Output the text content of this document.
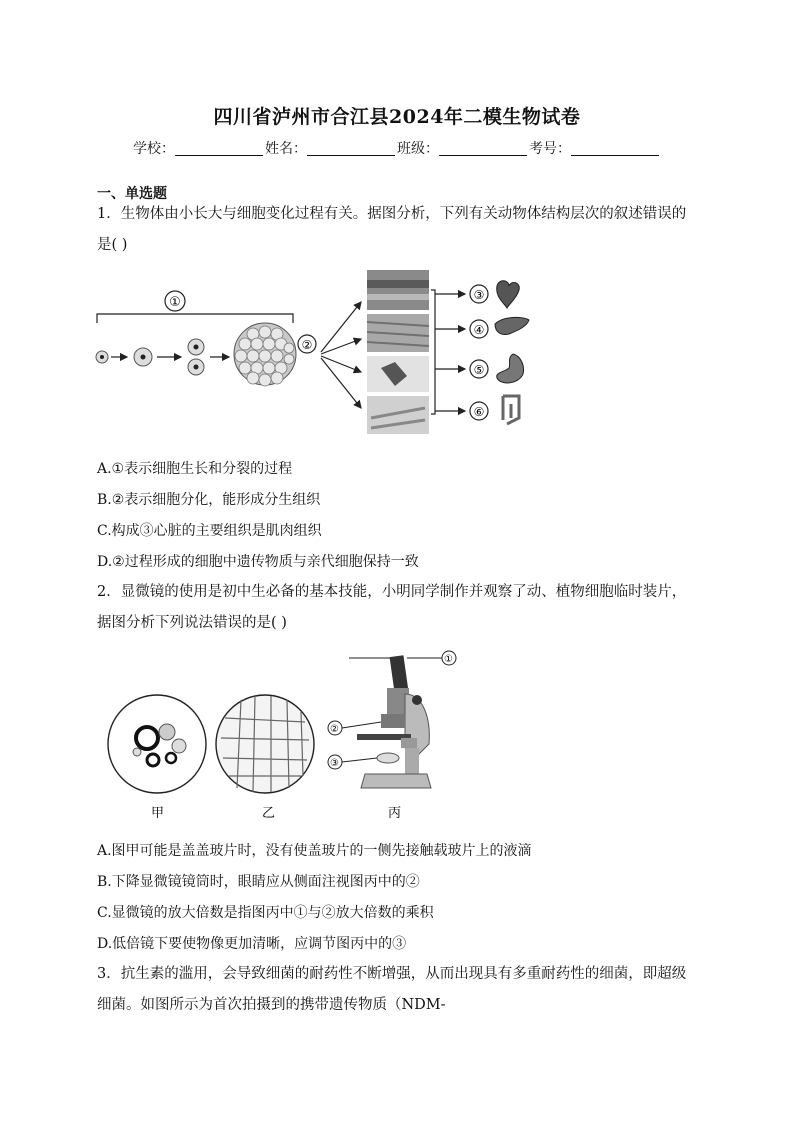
四川省泸州市合江县2024年二模生物试卷
学校：	姓名：	班级：	考号：
一、单选题
1．生物体由小长大与细胞变化过程有关。据图分析，下列有关动物体结构层次的叙述错误的是( )
①
②
③
④
⑤
⑥
A.①表示细胞生长和分裂的过程
B.②表示细胞分化，能形成分生组织
C.构成③心脏的主要组织是肌肉组织
D.②过程形成的细胞中遗传物质与亲代细胞保持一致
2．显微镜的使用是初中生必备的基本技能，小明同学制作并观察了动、植物细胞临时装片，据图分析下列说法错误的是( )
①
②
③
甲	乙	丙
A.图甲可能是盖盖玻片时，没有使盖玻片的一侧先接触载玻片上的液滴
B.下降显微镜镜筒时，眼睛应从侧面注视图丙中的②
C.显微镜的放大倍数是指图丙中①与②放大倍数的乘积
D.低倍镜下要使物像更加清晰，应调节图丙中的③
3．抗生素的滥用，会导致细菌的耐药性不断增强，从而出现具有多重耐药性的细菌，即超级细菌。如图所示为首次拍摄到的携带遗传物质（NDM-
